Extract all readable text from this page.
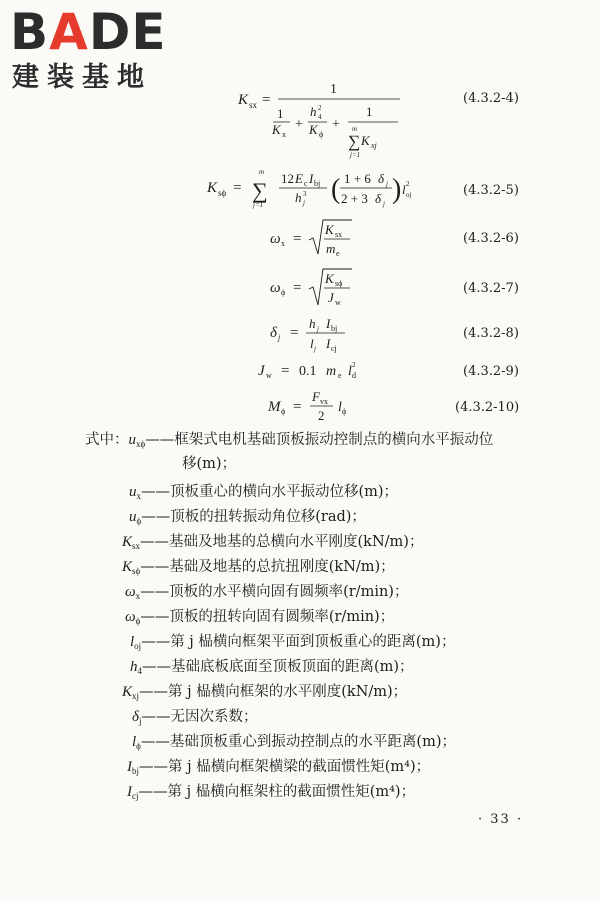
BADE
建装基地
K sx =
1
1
K x
+
h 2
4
K ϕ
+
1
m
∑ K xj
j=1
(4.3.2-4)
K sϕ =
m
∑
j=1
12 E c I bj
h j
3 ( 1 + 6 δ j
2 + 3 δ j ) l 2
oj	(4.3.2-5)
ω x =
K sx
m e
(4.3.2-6)
ω ϕ =
K sϕ
J w
(4.3.2-7)
δ j =
h j I bj
l j I cj
(4.3.2-8)
J w = 0.1 m e l 2
d	(4.3.2-9)
M ϕ =
F vx
2
l ϕ	(4.3.2-10)
式中：$u_{x\phi}——$框架式电机基础顶板振动控制点的横向水平振动位
移(m)；
$u_x——$顶板重心的横向水平振动位移(m)；
$u_\phi——$顶板的扭转振动角位移(rad)；
$K_{sx}——$基础及地基的总横向水平刚度(kN/m)；
$K_{s\phi}——$基础及地基的总抗扭刚度(kN/m)；
$\omega_x——$顶板的水平横向固有圆频率(r/min)；
$\omega_\phi——$顶板的扭转向固有圆频率(r/min)；
$l_{oj}——$第 j 榀横向框架平面到顶板重心的距离(m)；
$h_4——$基础底板底面至顶板顶面的距离(m)；
$K_{xj}——$第 j 榀横向框架的水平刚度(kN/m)；
$\delta_j——$无因次系数；
$l_\phi——$基础顶板重心到振动控制点的水平距离(m)；
$I_{bj}——$第 j 榀横向框架横梁的截面惯性矩(m⁴)；
$I_{cj}——$第 j 榀横向框架柱的截面惯性矩(m⁴)；
· 33 ·
